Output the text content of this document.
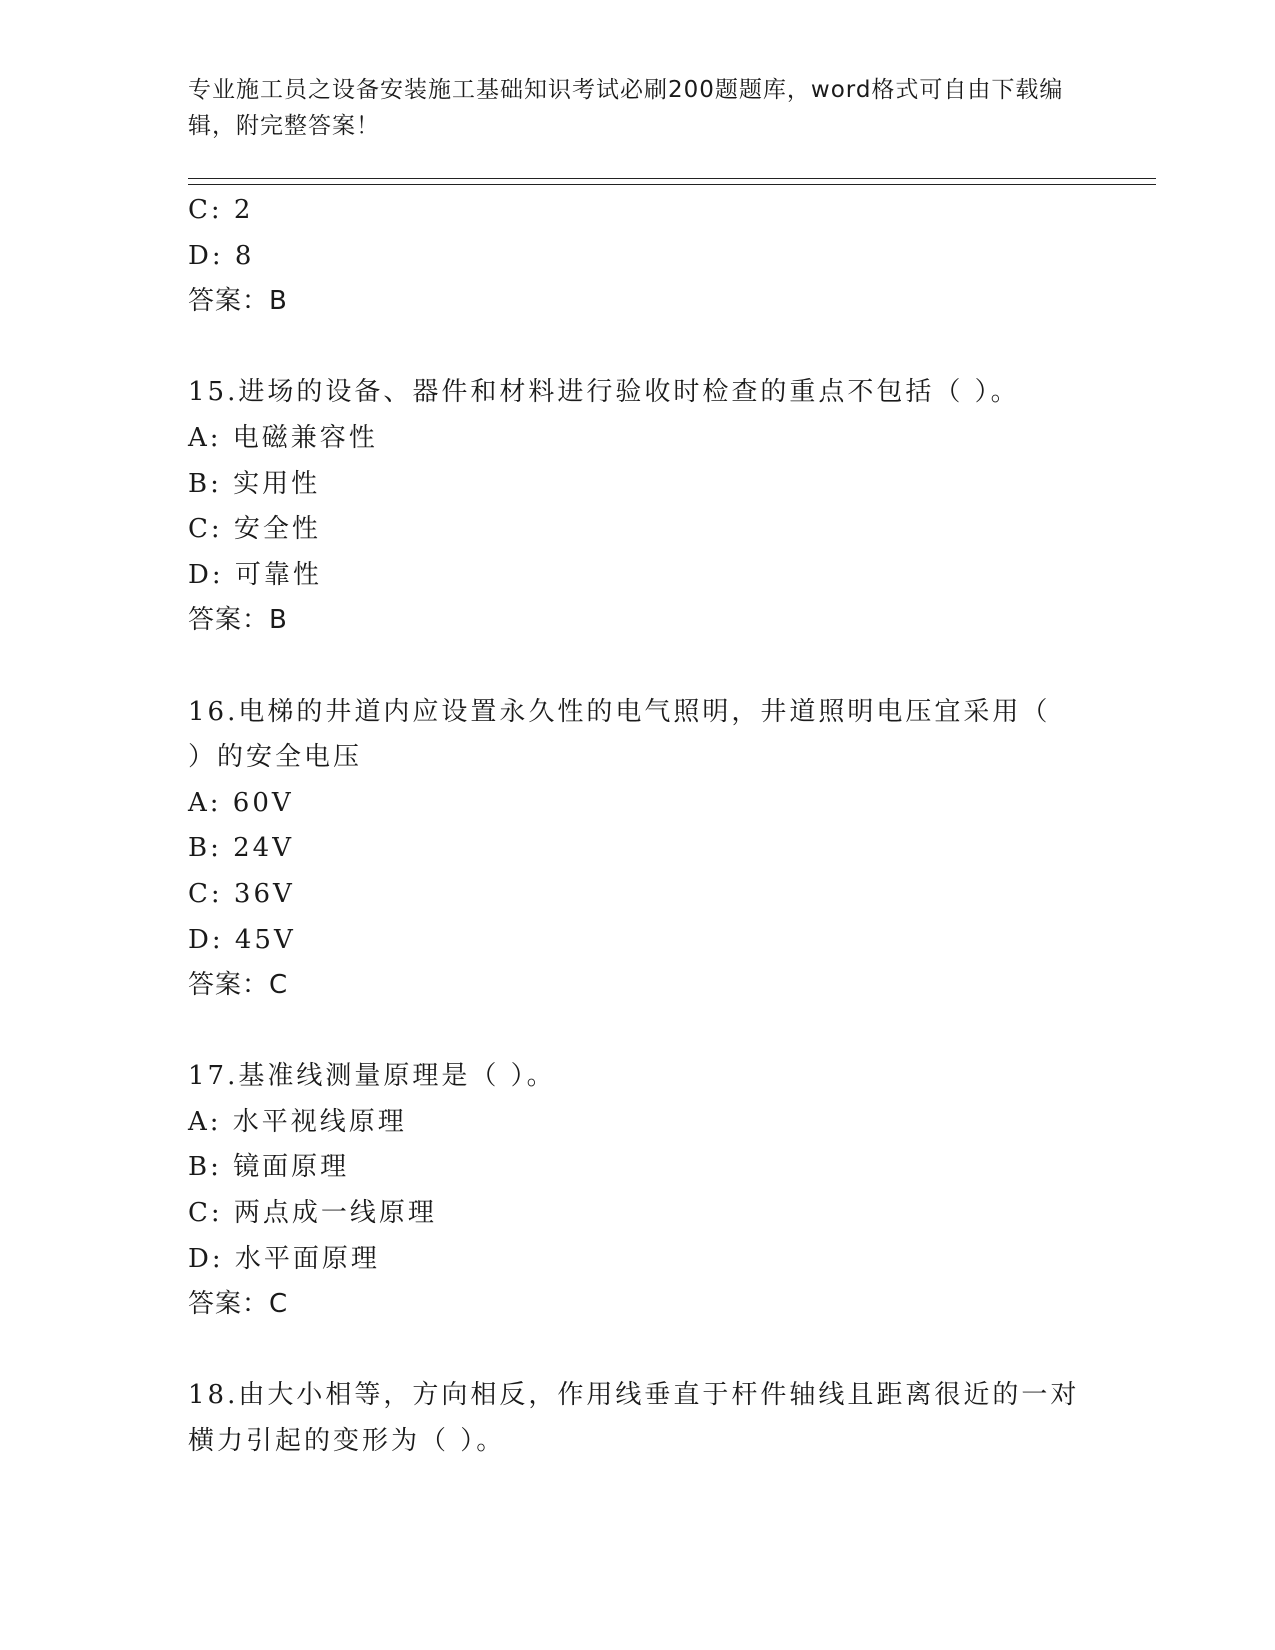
专业施工员之设备安装施工基础知识考试必刷200题题库，word格式可自由下载编辑，附完整答案！
C: 2
D: 8
答案：B
15.进场的设备、器件和材料进行验收时检查的重点不包括（ ）。
A: 电磁兼容性
B: 实用性
C: 安全性
D: 可靠性
答案：B
16.电梯的井道内应设置永久性的电气照明，井道照明电压宜采用（
）的安全电压
A: 60V
B: 24V
C: 36V
D: 45V
答案：C
17.基准线测量原理是（ ）。
A: 水平视线原理
B: 镜面原理
C: 两点成一线原理
D: 水平面原理
答案：C
18.由大小相等，方向相反，作用线垂直于杆件轴线且距离很近的一对
横力引起的变形为（ ）。
